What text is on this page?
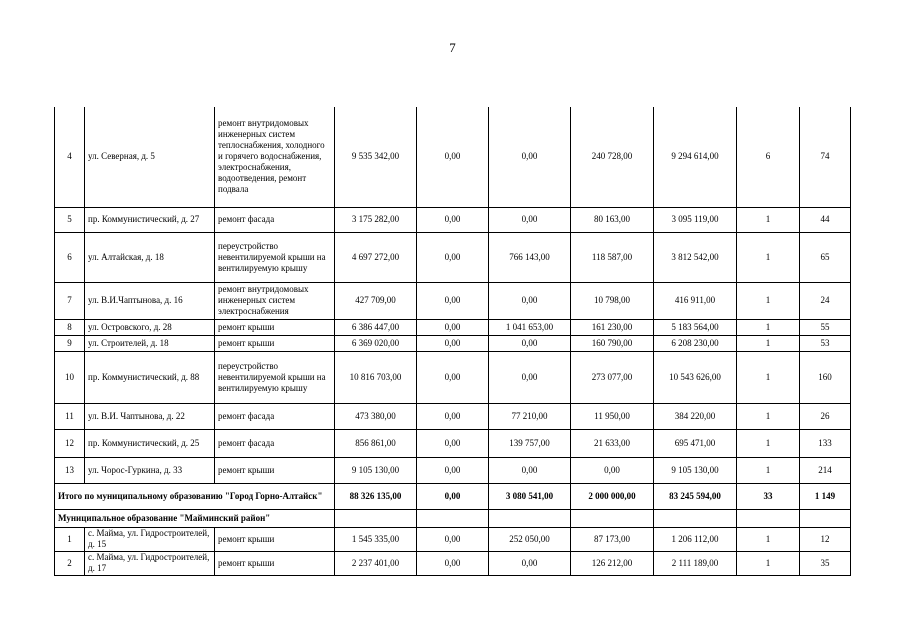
7
4	ул. Северная, д. 5	ремонт внутридомовых инженерных систем теплоснабжения, холодного и горячего водоснабжения, электроснабжения, водоотведения, ремонт подвала	9 535 342,00	0,00	0,00	240 728,00	9 294 614,00	6	74
5	пр. Коммунистический, д. 27	ремонт фасада	3 175 282,00	0,00	0,00	80 163,00	3 095 119,00	1	44
6	ул. Алтайская, д. 18	переустройство невентилируемой крыши на вентилируемую крышу	4 697 272,00	0,00	766 143,00	118 587,00	3 812 542,00	1	65
7	ул. В.И.Чаптынова, д. 16	ремонт внутридомовых инженерных систем электроснабжения	427 709,00	0,00	0,00	10 798,00	416 911,00	1	24
8	ул. Островского, д. 28	ремонт крыши	6 386 447,00	0,00	1 041 653,00	161 230,00	5 183 564,00	1	55
9	ул. Строителей, д. 18	ремонт крыши	6 369 020,00	0,00	0,00	160 790,00	6 208 230,00	1	53
10	пр. Коммунистический, д. 88	переустройство невентилируемой крыши на вентилируемую крышу	10 816 703,00	0,00	0,00	273 077,00	10 543 626,00	1	160
11	ул. В.И. Чаптынова, д. 22	ремонт фасада	473 380,00	0,00	77 210,00	11 950,00	384 220,00	1	26
12	пр. Коммунистический, д. 25	ремонт фасада	856 861,00	0,00	139 757,00	21 633,00	695 471,00	1	133
13	ул. Чорос-Гуркина, д. 33	ремонт крыши	9 105 130,00	0,00	0,00	0,00	9 105 130,00	1	214
Итого по муниципальному образованию "Город Горно-Алтайск"			88 326 135,00	0,00	3 080 541,00	2 000 000,00	83 245 594,00	33	1 149
Муниципальное образование "Майминский район"									
1	с. Майма, ул. Гидростроителей, д. 15	ремонт крыши	1 545 335,00	0,00	252 050,00	87 173,00	1 206 112,00	1	12
2	с. Майма, ул. Гидростроителей, д. 17	ремонт крыши	2 237 401,00	0,00	0,00	126 212,00	2 111 189,00	1	35
